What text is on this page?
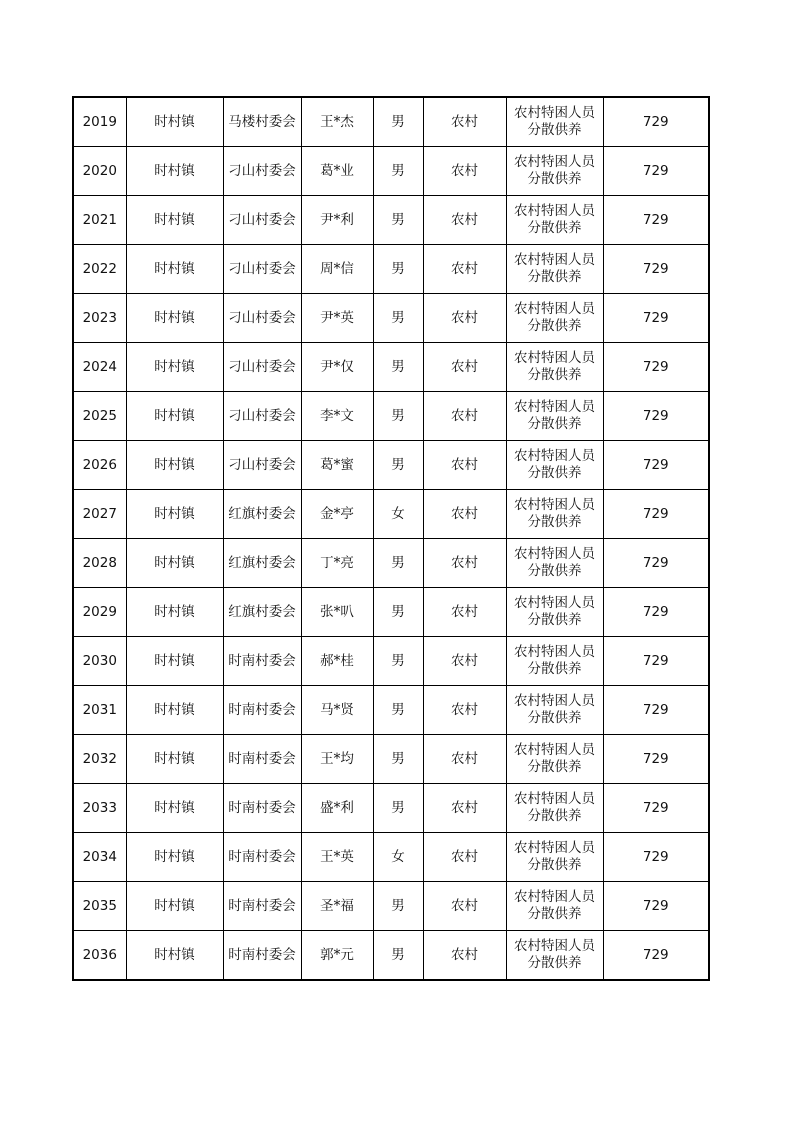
2019	时村镇	马楼村委会	王*杰	男	农村	农村特困人员分散供养	729
2020	时村镇	刁山村委会	葛*业	男	农村	农村特困人员分散供养	729
2021	时村镇	刁山村委会	尹*利	男	农村	农村特困人员分散供养	729
2022	时村镇	刁山村委会	周*信	男	农村	农村特困人员分散供养	729
2023	时村镇	刁山村委会	尹*英	男	农村	农村特困人员分散供养	729
2024	时村镇	刁山村委会	尹*仅	男	农村	农村特困人员分散供养	729
2025	时村镇	刁山村委会	李*文	男	农村	农村特困人员分散供养	729
2026	时村镇	刁山村委会	葛*蜜	男	农村	农村特困人员分散供养	729
2027	时村镇	红旗村委会	金*亭	女	农村	农村特困人员分散供养	729
2028	时村镇	红旗村委会	丁*亮	男	农村	农村特困人员分散供养	729
2029	时村镇	红旗村委会	张*叭	男	农村	农村特困人员分散供养	729
2030	时村镇	时南村委会	郝*桂	男	农村	农村特困人员分散供养	729
2031	时村镇	时南村委会	马*贤	男	农村	农村特困人员分散供养	729
2032	时村镇	时南村委会	王*均	男	农村	农村特困人员分散供养	729
2033	时村镇	时南村委会	盛*利	男	农村	农村特困人员分散供养	729
2034	时村镇	时南村委会	王*英	女	农村	农村特困人员分散供养	729
2035	时村镇	时南村委会	圣*福	男	农村	农村特困人员分散供养	729
2036	时村镇	时南村委会	郭*元	男	农村	农村特困人员分散供养	729
